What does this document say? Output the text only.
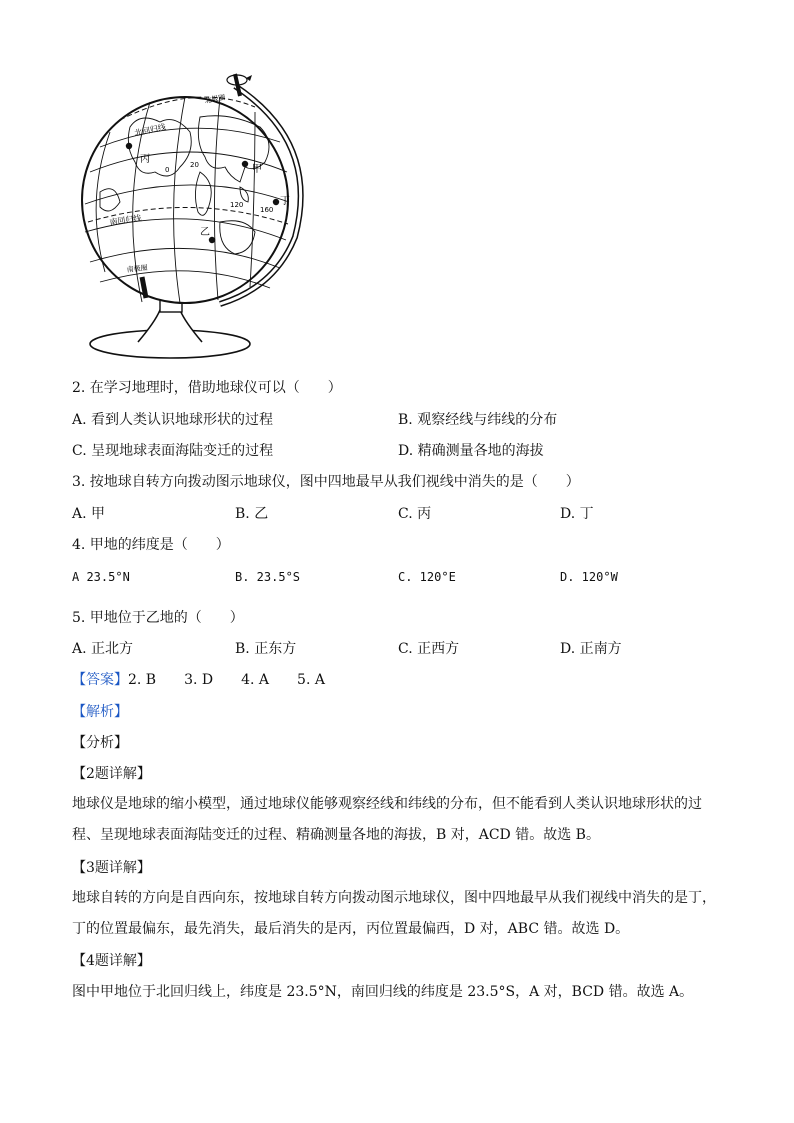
北回归线
南回归线
北极圈
南极圈
甲
乙
丙
丁
0
120
160
20
2. 在学习地理时，借助地球仪可以（　　）
A. 看到人类认识地球形状的过程	B. 观察经线与纬线的分布
C. 呈现地球表面海陆变迁的过程	D. 精确测量各地的海拔
3. 按地球自转方向拨动图示地球仪，图中四地最早从我们视线中消失的是（　　）
A. 甲	B. 乙	C. 丙	D. 丁
4. 甲地的纬度是（　　）
A 23.5°N	B. 23.5°S	C. 120°E	D. 120°W
5. 甲地位于乙地的（　　）
A. 正北方	B. 正东方	C. 正西方	D. 正南方
【答案】2. B　　3. D　　4. A　　5. A
【解析】
【分析】
【2题详解】
地球仪是地球的缩小模型，通过地球仪能够观察经线和纬线的分布，但不能看到人类认识地球形状的过
程、呈现地球表面海陆变迁的过程、精确测量各地的海拔，B 对，ACD 错。故选 B。
【3题详解】
地球自转的方向是自西向东，按地球自转方向拨动图示地球仪，图中四地最早从我们视线中消失的是丁，
丁的位置最偏东，最先消失，最后消失的是丙，丙位置最偏西，D 对，ABC 错。故选 D。
【4题详解】
图中甲地位于北回归线上，纬度是 23.5°N，南回归线的纬度是 23.5°S，A 对，BCD 错。故选 A。
